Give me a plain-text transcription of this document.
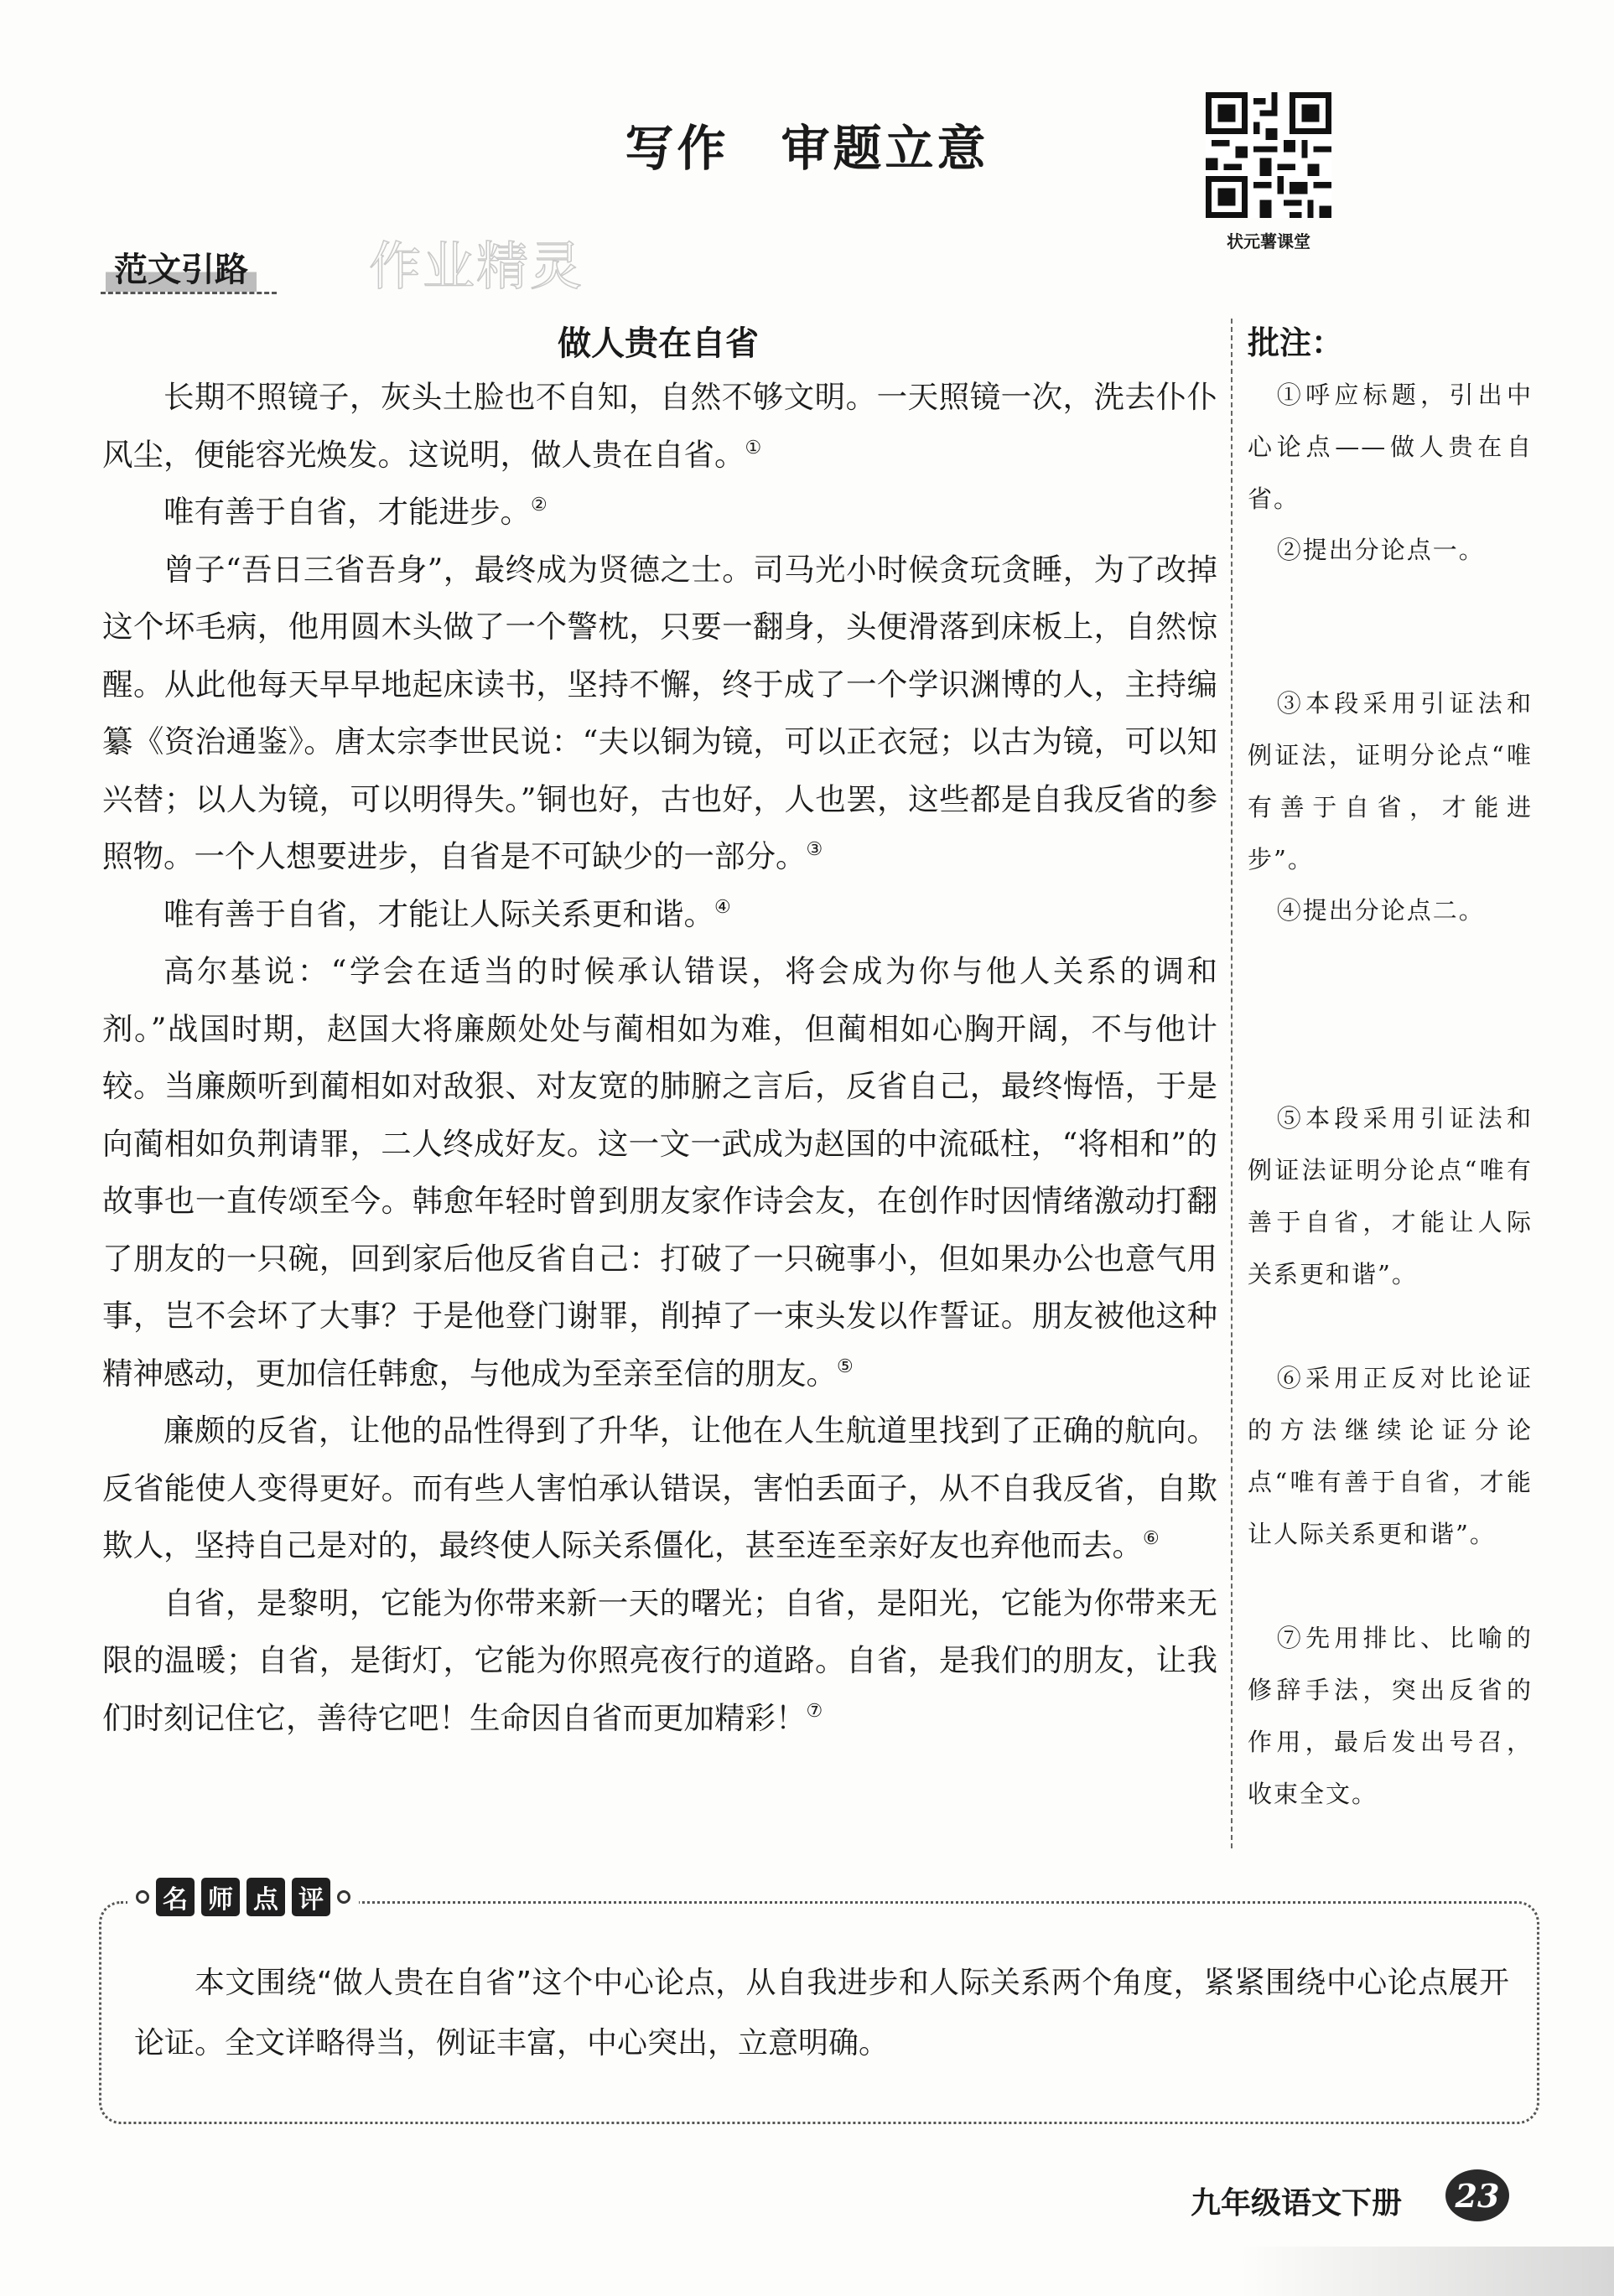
写作　审题立意
状元薯课堂
范文引路 作业精灵
做人贵在自省

长期不照镜子，灰头土脸也不自知，自然不够文明。一天照镜一次，洗去仆仆风尘，便能容光焕发。这说明，做人贵在自省。①

唯有善于自省，才能进步。②

曾子“吾日三省吾身”，最终成为贤德之士。司马光小时候贪玩贪睡，为了改掉这个坏毛病，他用圆木头做了一个警枕，只要一翻身，头便滑落到床板上，自然惊醒。从此他每天早早地起床读书，坚持不懈，终于成了一个学识渊博的人，主持编纂《资治通鉴》。唐太宗李世民说：“夫以铜为镜，可以正衣冠；以古为镜，可以知兴替；以人为镜，可以明得失。”铜也好，古也好，人也罢，这些都是自我反省的参照物。一个人想要进步，自省是不可缺少的一部分。③

唯有善于自省，才能让人际关系更和谐。④

高尔基说：“学会在适当的时候承认错误，将会成为你与他人关系的调和剂。”战国时期，赵国大将廉颇处处与蔺相如为难，但蔺相如心胸开阔，不与他计较。当廉颇听到蔺相如对敌狠、对友宽的肺腑之言后，反省自己，最终悔悟，于是向蔺相如负荆请罪，二人终成好友。这一文一武成为赵国的中流砥柱，“将相和”的故事也一直传颂至今。韩愈年轻时曾到朋友家作诗会友，在创作时因情绪激动打翻了朋友的一只碗，回到家后他反省自己：打破了一只碗事小，但如果办公也意气用事，岂不会坏了大事？于是他登门谢罪，削掉了一束头发以作誓证。朋友被他这种精神感动，更加信任韩愈，与他成为至亲至信的朋友。⑤

廉颇的反省，让他的品性得到了升华，让他在人生航道里找到了正确的航向。反省能使人变得更好。而有些人害怕承认错误，害怕丢面子，从不自我反省，自欺欺人，坚持自己是对的，最终使人际关系僵化，甚至连至亲好友也弃他而去。⑥

自省，是黎明，它能为你带来新一天的曙光；自省，是阳光，它能为你带来无限的温暖；自省，是街灯，它能为你照亮夜行的道路。自省，是我们的朋友，让我们时刻记住它，善待它吧！生命因自省而更加精彩！⑦

批注：
①呼应标题，引出中心论点——做人贵在自省。
②提出分论点一。
③本段采用引证法和例证法，证明分论点“唯有善于自省，才能进步”。
④提出分论点二。
⑤本段采用引证法和例证法证明分论点“唯有善于自省，才能让人际关系更和谐”。
⑥采用正反对比论证的方法继续论证分论点“唯有善于自省，才能让人际关系更和谐”。
⑦先用排比、比喻的修辞手法，突出反省的作用，最后发出号召，收束全文。
名 师 点 评
本文围绕“做人贵在自省”这个中心论点，从自我进步和人际关系两个角度，紧紧围绕中心论点展开论证。全文详略得当，例证丰富，中心突出，立意明确。
九年级语文下册	23
